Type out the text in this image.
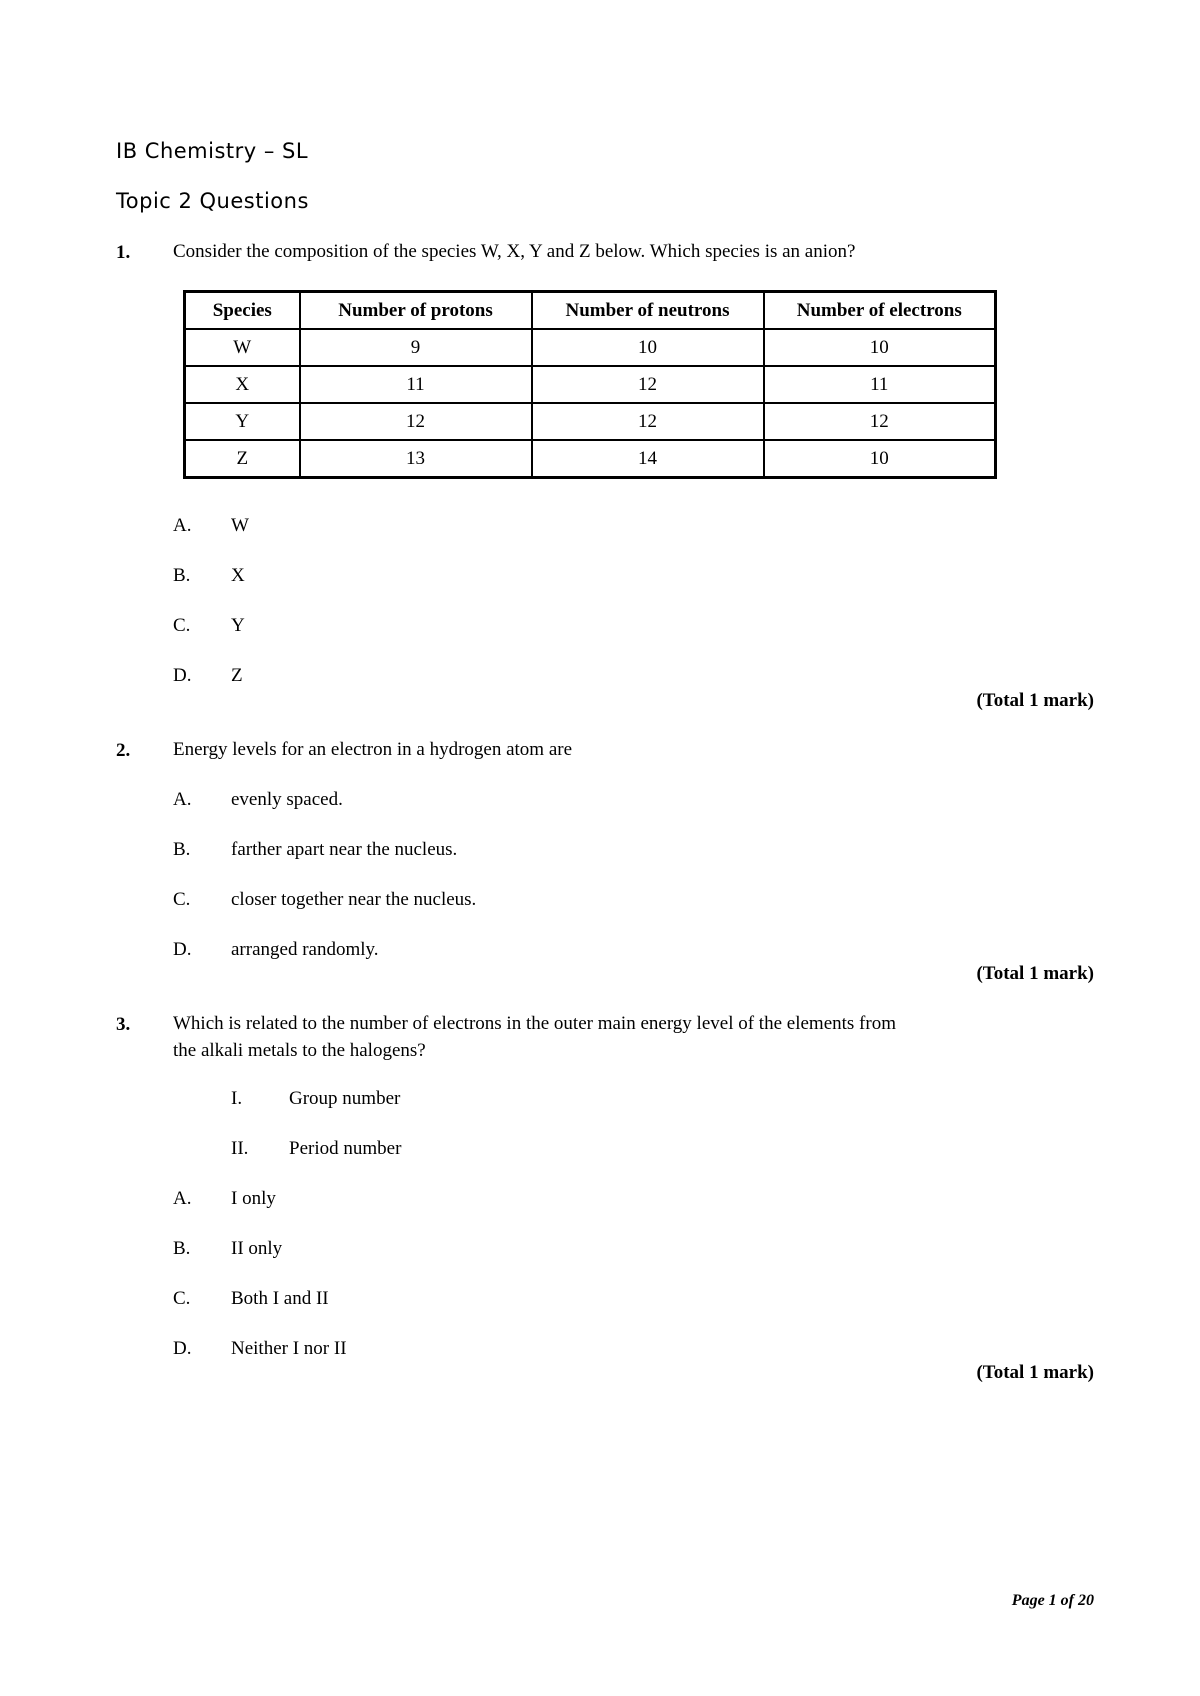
IB Chemistry – SL
Topic 2 Questions
1. Consider the composition of the species W, X, Y and Z below. Which species is an anion?
Species	Number of protons	Number of neutrons	Number of electrons
W	9	10	10
X	11	12	11
Y	12	12	12
Z	13	14	10
A. W
B. X
C. Y
D. Z
(Total 1 mark)
2. Energy levels for an electron in a hydrogen atom are
A. evenly spaced.
B. farther apart near the nucleus.
C. closer together near the nucleus.
D. arranged randomly.
(Total 1 mark)
3. Which is related to the number of electrons in the outer main energy level of the elements from
the alkali metals to the halogens?
I. Group number
II. Period number
A. I only
B. II only
C. Both I and II
D. Neither I nor II
(Total 1 mark)
Page 1 of 20
